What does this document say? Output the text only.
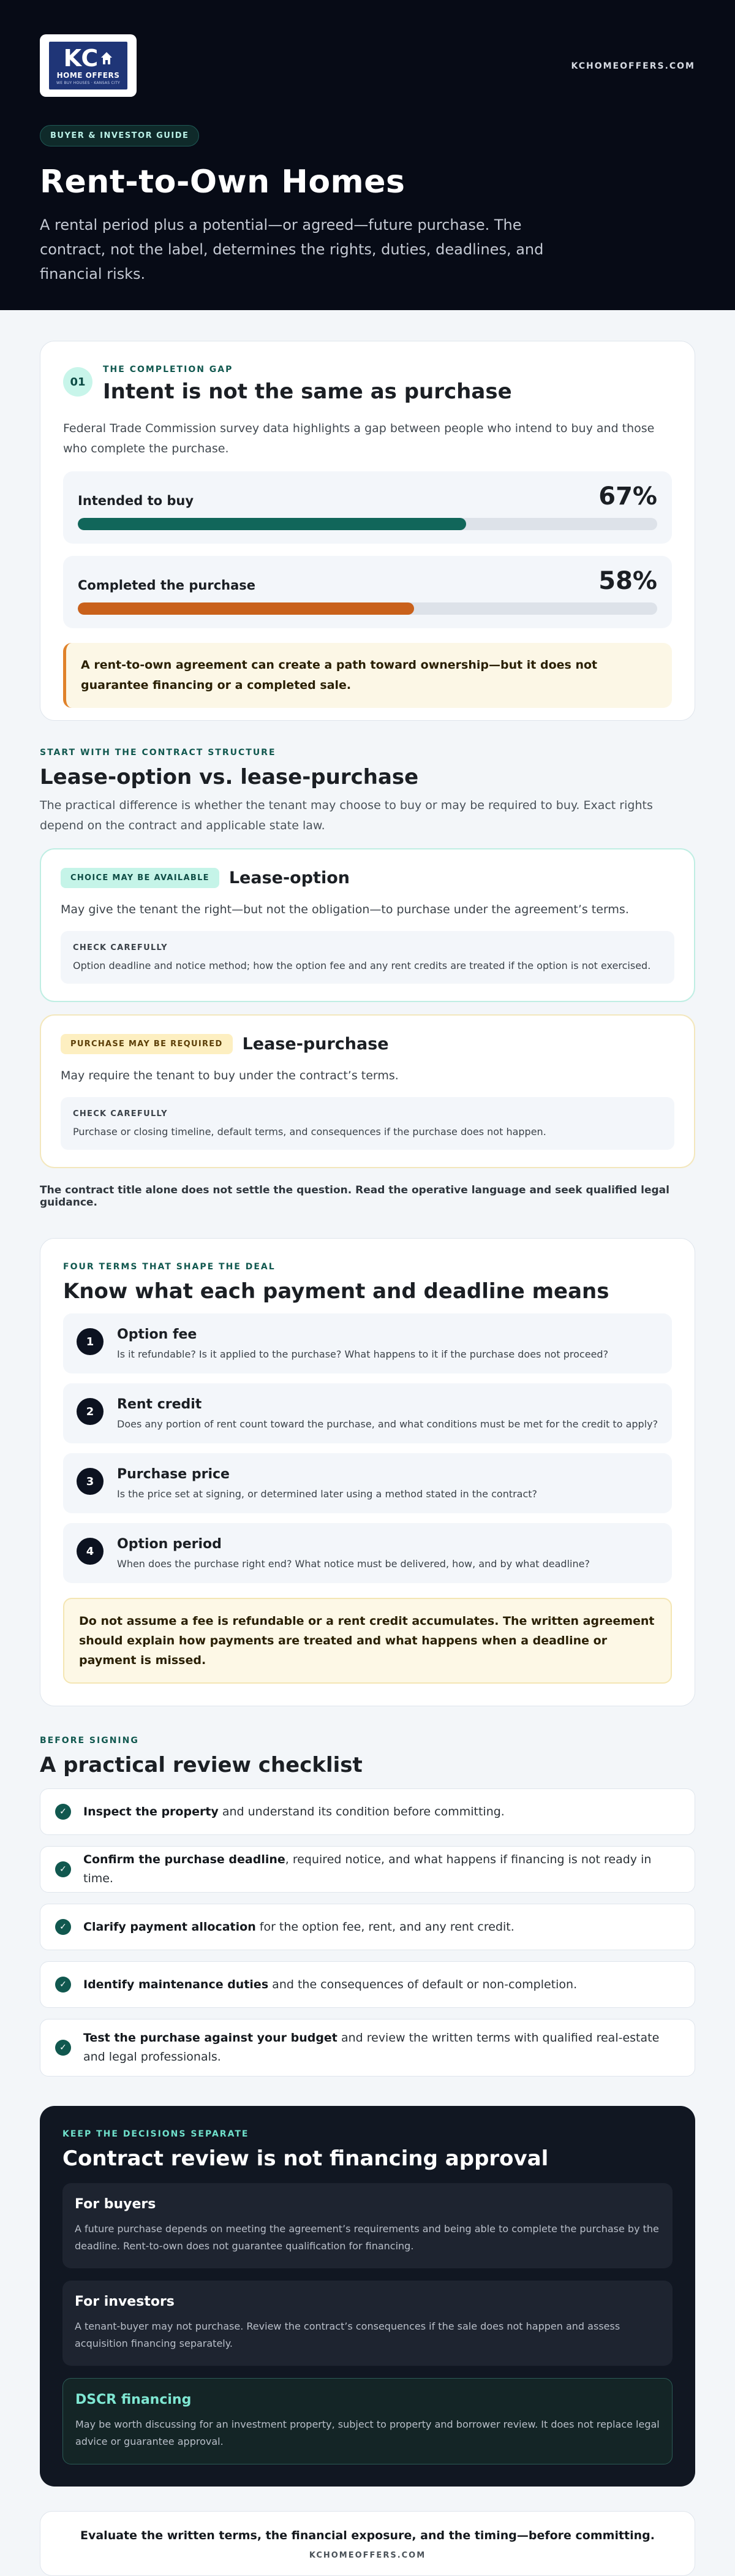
KC
HOME OFFERS
WE BUY HOUSES · KANSAS CITY
KCHOMEOFFERS.COM
BUYER & INVESTOR GUIDE
Rent-to-Own Homes

A rental period plus a potential—or agreed—future purchase. The contract, not the label, determines the rights, duties, deadlines, and financial risks.

01
THE COMPLETION GAP
Intent is not the same as purchase
Federal Trade Commission survey data highlights a gap between people who intend to buy and those who complete the purchase.
Intended to buy	67%
Completed the purchase	58%
A rent-to-own agreement can create a path toward ownership—but it does not guarantee financing or a completed sale.
START WITH THE CONTRACT STRUCTURE
Lease-option vs. lease-purchase
The practical difference is whether the tenant may choose to buy or may be required to buy. Exact rights depend on the contract and applicable state law.
CHOICE MAY BE AVAILABLE	Lease-option
May give the tenant the right—but not the obligation—to purchase under the agreement’s terms.
CHECK CAREFULLY
Option deadline and notice method; how the option fee and any rent credits are treated if the option is not exercised.
PURCHASE MAY BE REQUIRED	Lease-purchase
May require the tenant to buy under the contract’s terms.
CHECK CAREFULLY
Purchase or closing timeline, default terms, and consequences if the purchase does not happen.
The contract title alone does not settle the question. Read the operative language and seek qualified legal guidance.
FOUR TERMS THAT SHAPE THE DEAL
Know what each payment and deadline means
1	Option fee
Is it refundable? Is it applied to the purchase? What happens to it if the purchase does not proceed?
2	Rent credit
Does any portion of rent count toward the purchase, and what conditions must be met for the credit to apply?
3	Purchase price
Is the price set at signing, or determined later using a method stated in the contract?
4	Option period
When does the purchase right end? What notice must be delivered, how, and by what deadline?
Do not assume a fee is refundable or a rent credit accumulates. The written agreement should explain how payments are treated and what happens when a deadline or payment is missed.
BEFORE SIGNING
A practical review checklist
✓	Inspect the property and understand its condition before committing.
✓
Confirm the purchase deadline, required notice, and what happens if financing is not ready in time.
✓	Clarify payment allocation for the option fee, rent, and any rent credit.
✓	Identify maintenance duties and the consequences of default or non-completion.
✓
Test the purchase against your budget and review the written terms with qualified real-estate and legal professionals.
KEEP THE DECISIONS SEPARATE
Contract review is not financing approval
For buyers
A future purchase depends on meeting the agreement’s requirements and being able to complete the purchase by the deadline. Rent-to-own does not guarantee qualification for financing.
For investors
A tenant-buyer may not purchase. Review the contract’s consequences if the sale does not happen and assess acquisition financing separately.
DSCR financing
May be worth discussing for an investment property, subject to property and borrower review. It does not replace legal advice or guarantee approval.
Evaluate the written terms, the financial exposure, and the timing—before committing.
KCHOMEOFFERS.COM
